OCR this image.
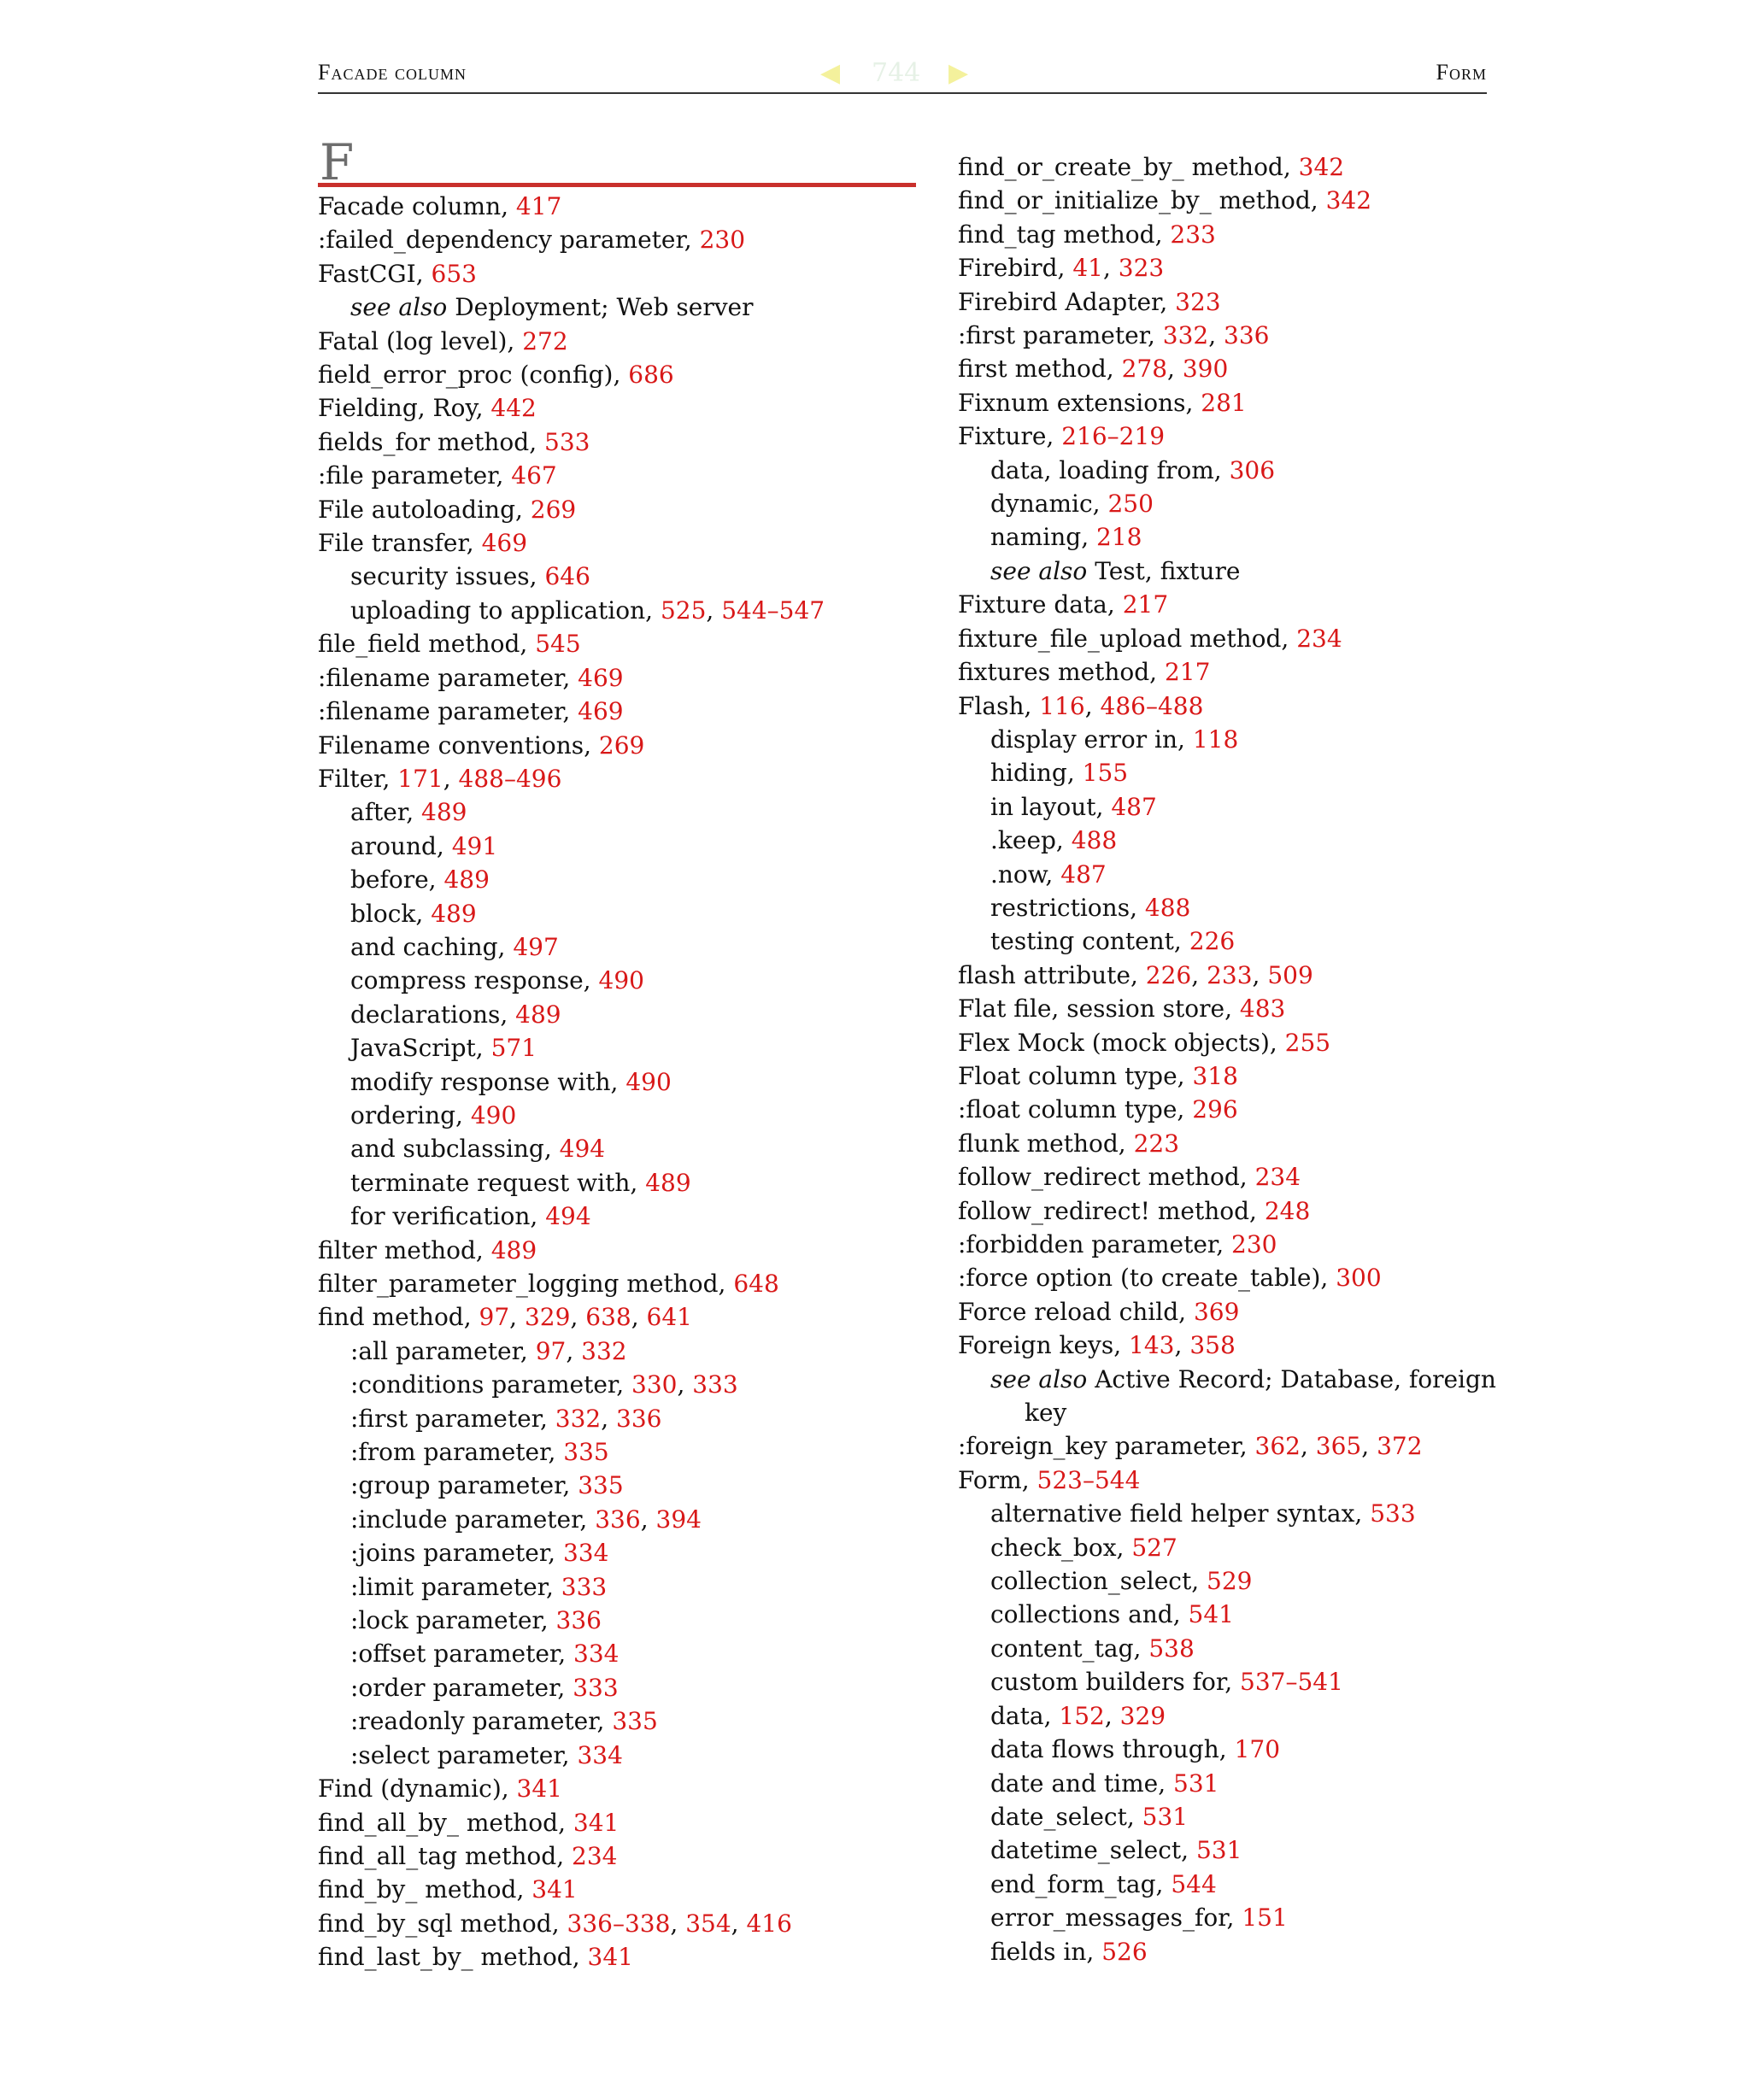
Facade column	◀ 744 ▶	Form
F
Facade column, 417
:failed_dependency parameter, 230
FastCGI, 653
see also Deployment; Web server
Fatal (log level), 272
field_error_proc (config), 686
Fielding, Roy, 442
fields_for method, 533
:file parameter, 467
File autoloading, 269
File transfer, 469
security issues, 646
uploading to application, 525, 544–547
file_field method, 545
:filename parameter, 469
:filename parameter, 469
Filename conventions, 269
Filter, 171, 488–496
after, 489
around, 491
before, 489
block, 489
and caching, 497
compress response, 490
declarations, 489
JavaScript, 571
modify response with, 490
ordering, 490
and subclassing, 494
terminate request with, 489
for verification, 494
filter method, 489
filter_parameter_logging method, 648
find method, 97, 329, 638, 641
:all parameter, 97, 332
:conditions parameter, 330, 333
:first parameter, 332, 336
:from parameter, 335
:group parameter, 335
:include parameter, 336, 394
:joins parameter, 334
:limit parameter, 333
:lock parameter, 336
:offset parameter, 334
:order parameter, 333
:readonly parameter, 335
:select parameter, 334
Find (dynamic), 341
find_all_by_ method, 341
find_all_tag method, 234
find_by_ method, 341
find_by_sql method, 336–338, 354, 416
find_last_by_ method, 341
find_or_create_by_ method, 342
find_or_initialize_by_ method, 342
find_tag method, 233
Firebird, 41, 323
Firebird Adapter, 323
:first parameter, 332, 336
first method, 278, 390
Fixnum extensions, 281
Fixture, 216–219
data, loading from, 306
dynamic, 250
naming, 218
see also Test, fixture
Fixture data, 217
fixture_file_upload method, 234
fixtures method, 217
Flash, 116, 486–488
display error in, 118
hiding, 155
in layout, 487
.keep, 488
.now, 487
restrictions, 488
testing content, 226
flash attribute, 226, 233, 509
Flat file, session store, 483
Flex Mock (mock objects), 255
Float column type, 318
:float column type, 296
flunk method, 223
follow_redirect method, 234
follow_redirect! method, 248
:forbidden parameter, 230
:force option (to create_table), 300
Force reload child, 369
Foreign keys, 143, 358
see also Active Record; Database, foreign
key
:foreign_key parameter, 362, 365, 372
Form, 523–544
alternative field helper syntax, 533
check_box, 527
collection_select, 529
collections and, 541
content_tag, 538
custom builders for, 537–541
data, 152, 329
data flows through, 170
date and time, 531
date_select, 531
datetime_select, 531
end_form_tag, 544
error_messages_for, 151
fields in, 526
